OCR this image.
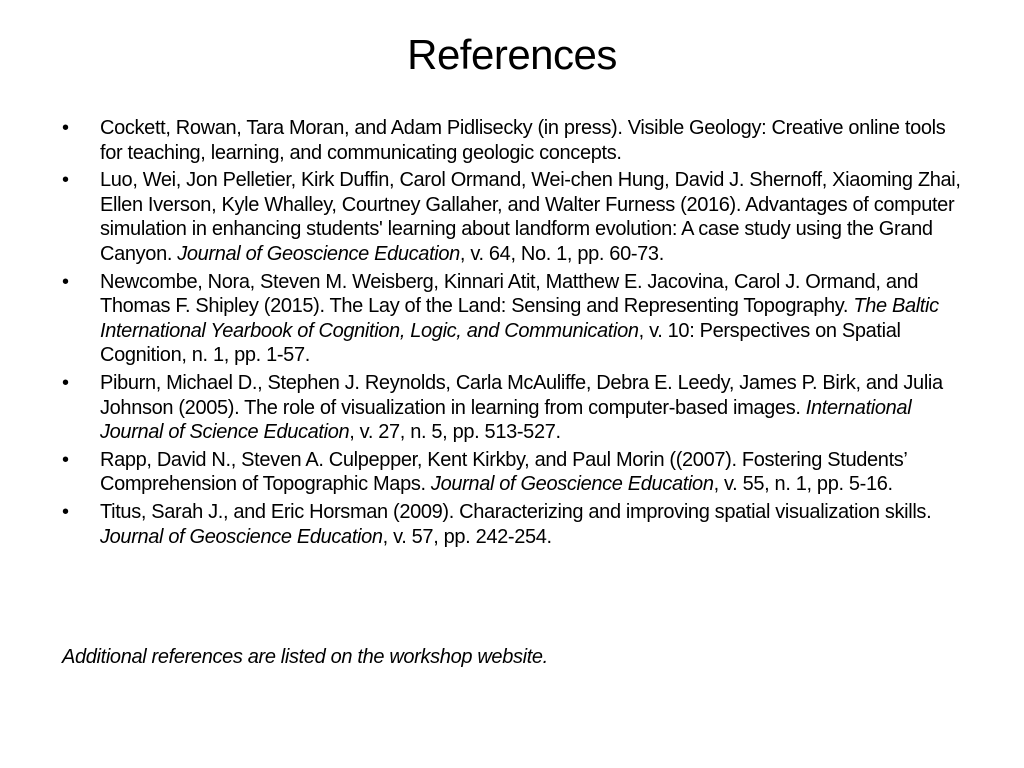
References
• Cockett, Rowan, Tara Moran, and Adam Pidlisecky (in press). Visible Geology: Creative online tools for teaching, learning, and communicating geologic concepts.
• Luo, Wei, Jon Pelletier, Kirk Duffin, Carol Ormand, Wei-chen Hung, David J. Shernoff, Xiaoming Zhai, Ellen Iverson, Kyle Whalley, Courtney Gallaher, and Walter Furness (2016). Advantages of computer simulation in enhancing students' learning about landform evolution: A case study using the Grand Canyon. Journal of Geoscience Education, v. 64, No. 1, pp. 60-73.
• Newcombe, Nora, Steven M. Weisberg, Kinnari Atit, Matthew E. Jacovina, Carol J. Ormand, and Thomas F. Shipley (2015). The Lay of the Land: Sensing and Representing Topography. The Baltic International Yearbook of Cognition, Logic, and Communication, v. 10: Perspectives on Spatial Cognition, n. 1, pp. 1-57.
• Piburn, Michael D., Stephen J. Reynolds, Carla McAuliffe, Debra E. Leedy, James P. Birk, and Julia Johnson (2005). The role of visualization in learning from computer-based images. International Journal of Science Education, v. 27, n. 5, pp. 513-527.
• Rapp, David N., Steven A. Culpepper, Kent Kirkby, and Paul Morin ((2007). Fostering Students’ Comprehension of Topographic Maps. Journal of Geoscience Education, v. 55, n. 1, pp. 5-16.
• Titus, Sarah J., and Eric Horsman (2009). Characterizing and improving spatial visualization skills. Journal of Geoscience Education, v. 57, pp. 242-254.

Additional references are listed on the workshop website.
